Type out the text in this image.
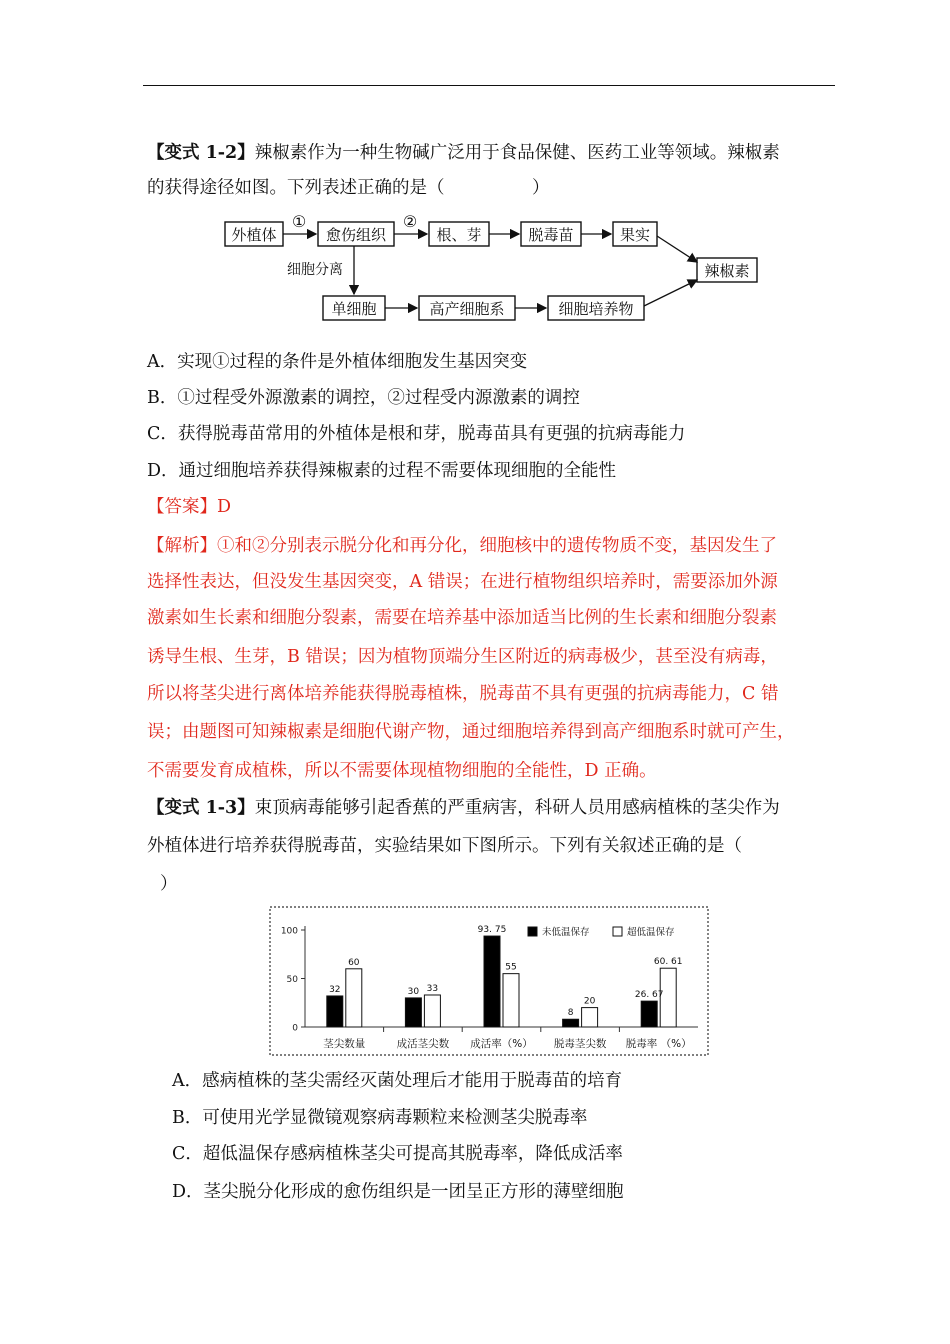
【变式 1-2】辣椒素作为一种生物碱广泛用于食品保健、医药工业等领域。辣椒素
的获得途径如图。下列表述正确的是（　　　　　）
外植体	愈伤组织	根、芽	脱毒苗	果实
辣椒素
单细胞	高产细胞系	细胞培养物
①	②
细胞分离
A．实现①过程的条件是外植体细胞发生基因突变
B．①过程受外源激素的调控，②过程受内源激素的调控
C．获得脱毒苗常用的外植体是根和芽，脱毒苗具有更强的抗病毒能力
D．通过细胞培养获得辣椒素的过程不需要体现细胞的全能性
【答案】D
【解析】①和②分别表示脱分化和再分化，细胞核中的遗传物质不变，基因发生了
选择性表达，但没发生基因突变，A 错误；在进行植物组织培养时，需要添加外源
激素如生长素和细胞分裂素，需要在培养基中添加适当比例的生长素和细胞分裂素
诱导生根、生芽，B 错误；因为植物顶端分生区附近的病毒极少，甚至没有病毒，
所以将茎尖进行离体培养能获得脱毒植株，脱毒苗不具有更强的抗病毒能力，C 错
误；由题图可知辣椒素是细胞代谢产物，通过细胞培养得到高产细胞系时就可产生，
不需要发育成植株，所以不需要体现植物细胞的全能性，D 正确。
【变式 1-3】束顶病毒能够引起香蕉的严重病害，科研人员用感病植株的茎尖作为
外植体进行培养获得脱毒苗，实验结果如下图所示。下列有关叙述正确的是（
）
0
50
100
茎尖数量
32
60
成活茎尖数
30 33
成活率（%）
93. 75
55
脱毒茎尖数
8
20
脱毒率 （%）
26. 67
60. 61
未低温保存	超低温保存
A．感病植株的茎尖需经灭菌处理后才能用于脱毒苗的培育
B．可使用光学显微镜观察病毒颗粒来检测茎尖脱毒率
C．超低温保存感病植株茎尖可提高其脱毒率，降低成活率
D．茎尖脱分化形成的愈伤组织是一团呈正方形的薄壁细胞
